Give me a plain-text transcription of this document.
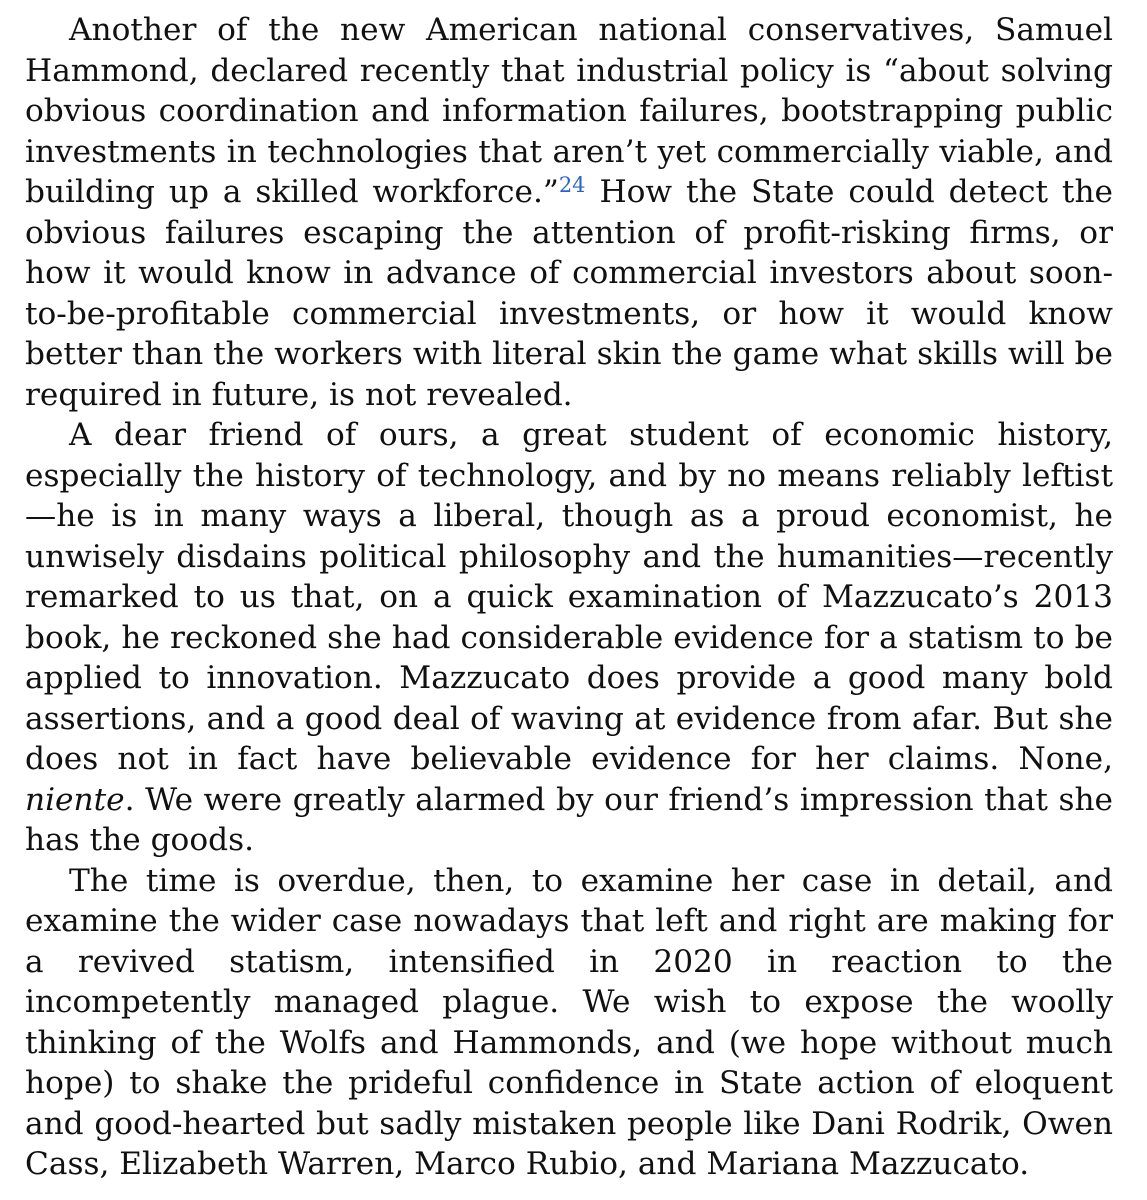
Another of the new American national conservatives, Samuel Hammond, declared recently that industrial policy is “about solving obvious coordination and information failures, bootstrapping public investments in technologies that aren’t yet commercially viable, and building up a skilled workforce.”$^{24}$ How the State could detect the obvious failures escaping the attention of profit-risking firms, or how it would know in advance of commercial investors about soon-to-be-profitable commercial investments, or how it would know better than the workers with literal skin the game what skills will be required in future, is not revealed.

A dear friend of ours, a great student of economic history, especially the history of technology, and by no means reliably leftist—he is in many ways a liberal, though as a proud economist, he unwisely disdains political philosophy and the humanities—recently remarked to us that, on a quick examination of Mazzucato’s 2013 book, he reckoned she had considerable evidence for a statism to be applied to innovation. Mazzucato does provide a good many bold assertions, and a good deal of waving at evidence from afar. But she does not in fact have believable evidence for her claims. None, niente. We were greatly alarmed by our friend’s impression that she has the goods.

The time is overdue, then, to examine her case in detail, and examine the wider case nowadays that left and right are making for a revived statism, intensified in 2020 in reaction to the incompetently managed plague. We wish to expose the woolly thinking of the Wolfs and Hammonds, and (we hope without much hope) to shake the prideful confidence in State action of eloquent and good-hearted but sadly mistaken people like Dani Rodrik, Owen Cass, Elizabeth Warren, Marco Rubio, and Mariana Mazzucato.
